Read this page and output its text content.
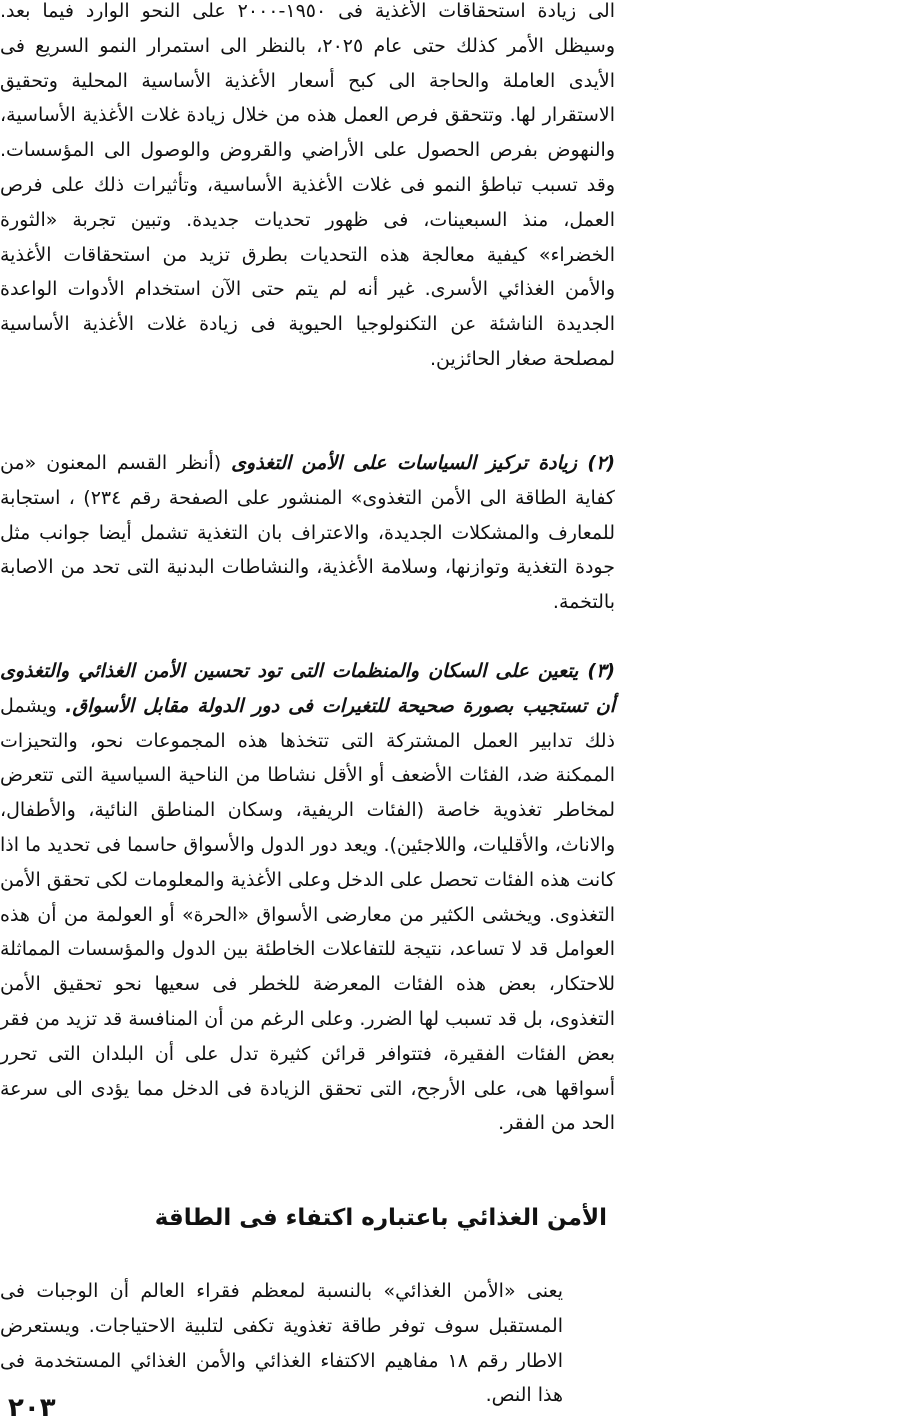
الى زيادة استحقاقات الأغذية فى ١٩٥٠-٢٠٠٠ على النحو الوارد فيما بعد. وسيظل الأمر كذلك حتى عام ٢٠٢٥، بالنظر الى استمرار النمو السريع فى الأيدى العاملة والحاجة الى كبح أسعار الأغذية الأساسية المحلية وتحقيق الاستقرار لها. وتتحقق فرص العمل هذه من خلال زيادة غلات الأغذية الأساسية، والنهوض بفرص الحصول على الأراضي والقروض والوصول الى المؤسسات. وقد تسبب تباطؤ النمو فى غلات الأغذية الأساسية، وتأثيرات ذلك على فرص العمل، منذ السبعينات، فى ظهور تحديات جديدة. وتبين تجربة «الثورة الخضراء» كيفية معالجة هذه التحديات بطرق تزيد من استحقاقات الأغذية والأمن الغذائي الأسرى. غير أنه لم يتم حتى الآن استخدام الأدوات الواعدة الجديدة الناشئة عن التكنولوجيا الحيوية فى زيادة غلات الأغذية الأساسية لمصلحة صغار الحائزين.

(٢) زيادة تركيز السياسات على الأمن التغذوى (أنظر القسم المعنون «من كفاية الطاقة الى الأمن التغذوى» المنشور على الصفحة رقم ٢٣٤) ، استجابة للمعارف والمشكلات الجديدة، والاعتراف بان التغذية تشمل أيضا جوانب مثل جودة التغذية وتوازنها، وسلامة الأغذية، والنشاطات البدنية التى تحد من الاصابة بالتخمة.

(٣) يتعين على السكان والمنظمات التى تود تحسين الأمن الغذائي والتغذوى أن تستجيب بصورة صحيحة للتغيرات فى دور الدولة مقابل الأسواق. ويشمل ذلك تدابير العمل المشتركة التى تتخذها هذه المجموعات نحو، والتحيزات الممكنة ضد، الفئات الأضعف أو الأقل نشاطا من الناحية السياسية التى تتعرض لمخاطر تغذوية خاصة (الفئات الريفية، وسكان المناطق النائية، والأطفال، والاناث، والأقليات، واللاجئين). ويعد دور الدول والأسواق حاسما فى تحديد ما اذا كانت هذه الفئات تحصل على الدخل وعلى الأغذية والمعلومات لكى تحقق الأمن التغذوى. ويخشى الكثير من معارضى الأسواق «الحرة» أو العولمة من أن هذه العوامل قد لا تساعد، نتيجة للتفاعلات الخاطئة بين الدول والمؤسسات المماثلة للاحتكار، بعض هذه الفئات المعرضة للخطر فى سعيها نحو تحقيق الأمن التغذوى، بل قد تسبب لها الضرر. وعلى الرغم من أن المنافسة قد تزيد من فقر بعض الفئات الفقيرة، فتتوافر قرائن كثيرة تدل على أن البلدان التى تحرر أسواقها هى، على الأرجح، التى تحقق الزيادة فى الدخل مما يؤدى الى سرعة الحد من الفقر.

الأمن الغذائي باعتباره اكتفاء فى الطاقة

يعنى «الأمن الغذائي» بالنسبة لمعظم فقراء العالم أن الوجبات فى المستقبل سوف توفر طاقة تغذوية تكفى لتلبية الاحتياجات. ويستعرض الاطار رقم ١٨ مفاهيم الاكتفاء الغذائي والأمن الغذائي المستخدمة فى هذا النص.

٢٠٣
